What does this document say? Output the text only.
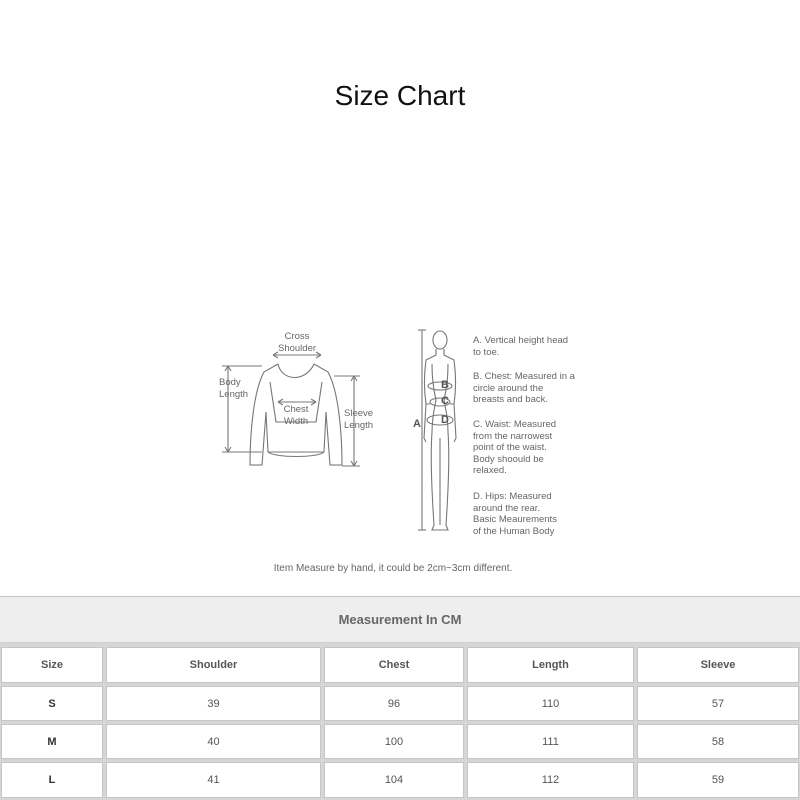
Size Chart
Cross
Shoulder
Body
Length
Chest
Width
Sleeve
Length	A
B
C
D
A. Vertical height head
to toe.
B. Chest: Measured in a
circle around the
breasts and back.
C. Waist: Measured
from the narrowest
point of the waist.
Body shoould be
relaxed.
D. Hips: Measured
around the rear.
Basic Meaurements
of the Human Body
Item Measure by hand, it could be 2cm~3cm different.
Measurement In CM
Size	Shoulder	Chest	Length	Sleeve
S	39	96	110	57
M	40	100	111	58
L	41	104	112	59
